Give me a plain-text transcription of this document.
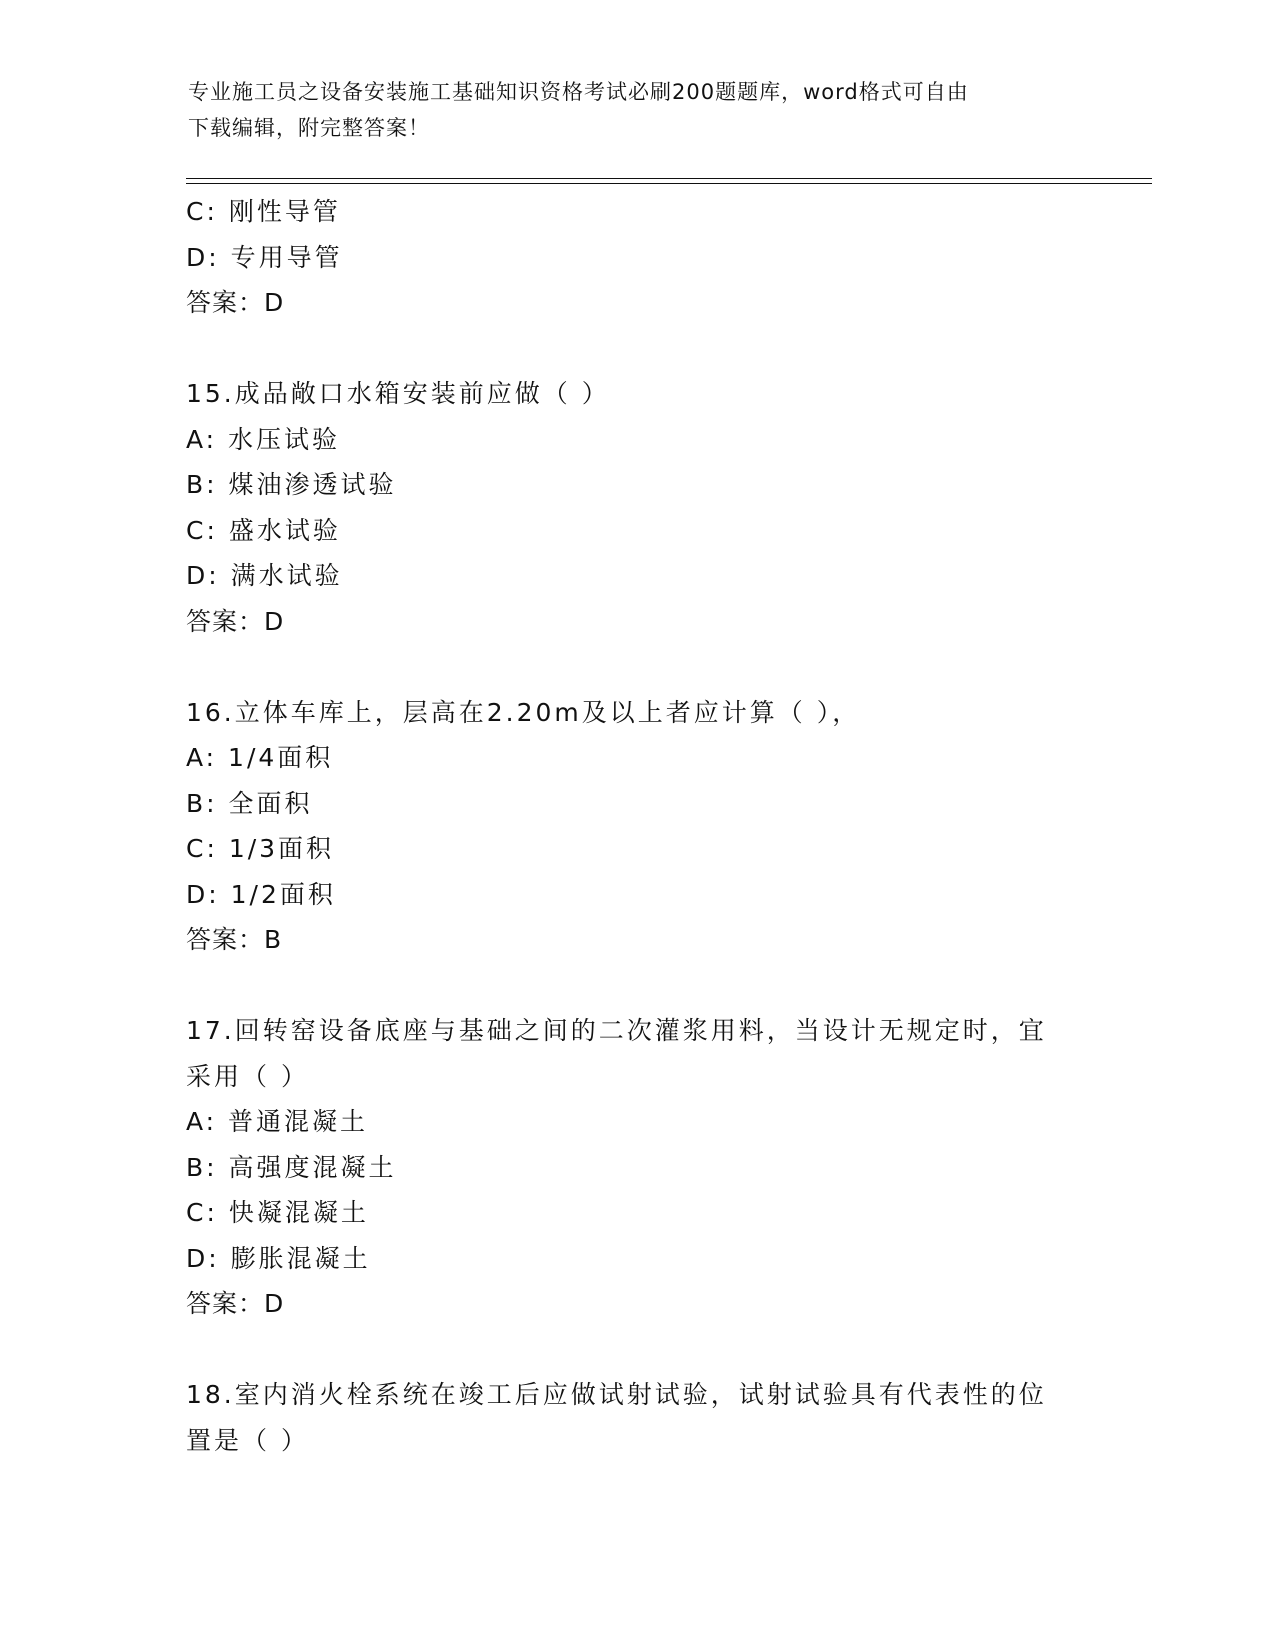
专业施工员之设备安装施工基础知识资格考试必刷200题题库，word格式可自由
下载编辑，附完整答案！
C: 刚性导管
D: 专用导管
答案：D
15.成品敞口水箱安装前应做（ ）
A: 水压试验
B: 煤油渗透试验
C: 盛水试验
D: 满水试验
答案：D
16.立体车库上，层高在2.20m及以上者应计算（ ），
A: 1/4面积
B: 全面积
C: 1/3面积
D: 1/2面积
答案：B
17.回转窑设备底座与基础之间的二次灌浆用料，当设计无规定时，宜
采用（ ）
A: 普通混凝土
B: 高强度混凝土
C: 快凝混凝土
D: 膨胀混凝土
答案：D
18.室内消火栓系统在竣工后应做试射试验，试射试验具有代表性的位
置是（ ）
